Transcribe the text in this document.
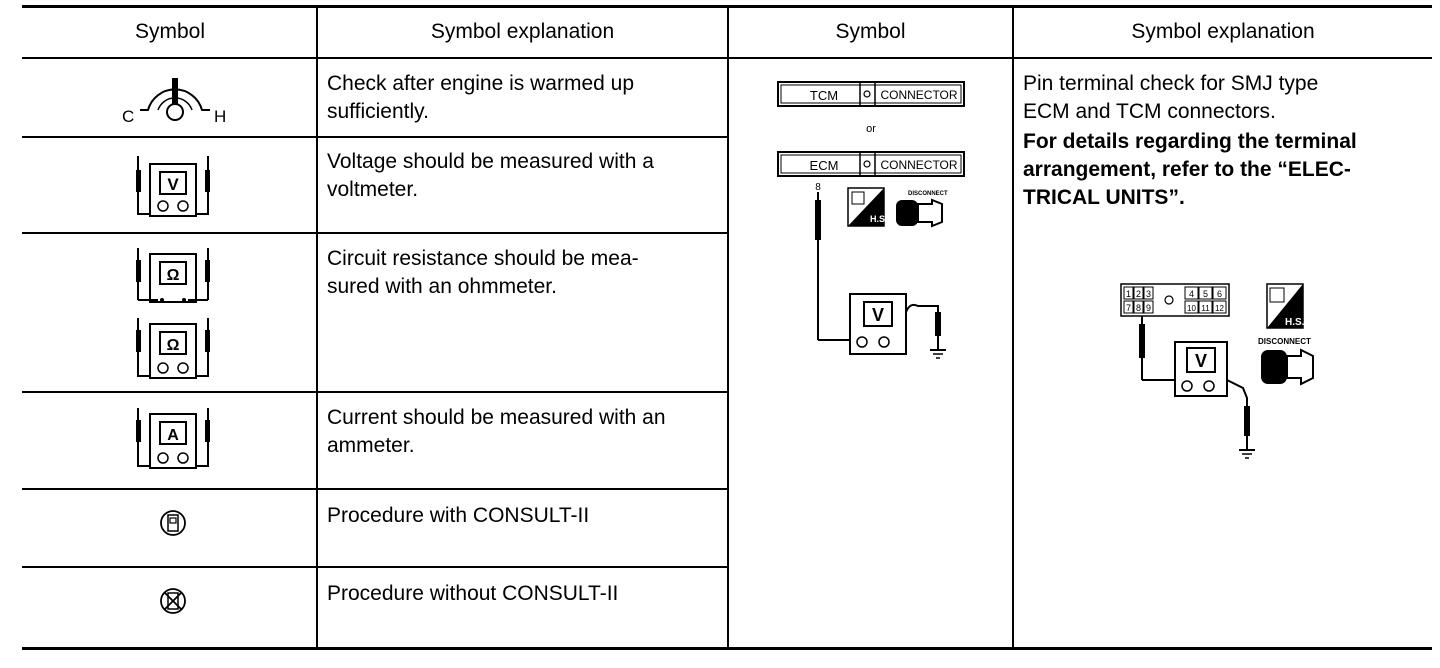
Symbol	Symbol explanation	Symbol	Symbol explanation
C	H
Check after engine is warmed up
sufficiently.
V
Voltage should be measured with a
voltmeter.
Ω
Ω
Circuit resistance should be mea-
sured with an ohmmeter.
A
Current should be measured with an
ammeter.
Procedure with CONSULT-II
Procedure without CONSULT-II
TCM	CONNECTOR
or
ECM	CONNECTOR
8
H.S.
DISCONNECT
V
Pin terminal check for SMJ type
ECM and TCM connectors.
For details regarding the terminal
arrangement, refer to the “ELEC-
TRICAL UNITS”.
1 2 3	4 5 6
7 8 9	10 11 12
V
H.S.
DISCONNECT
